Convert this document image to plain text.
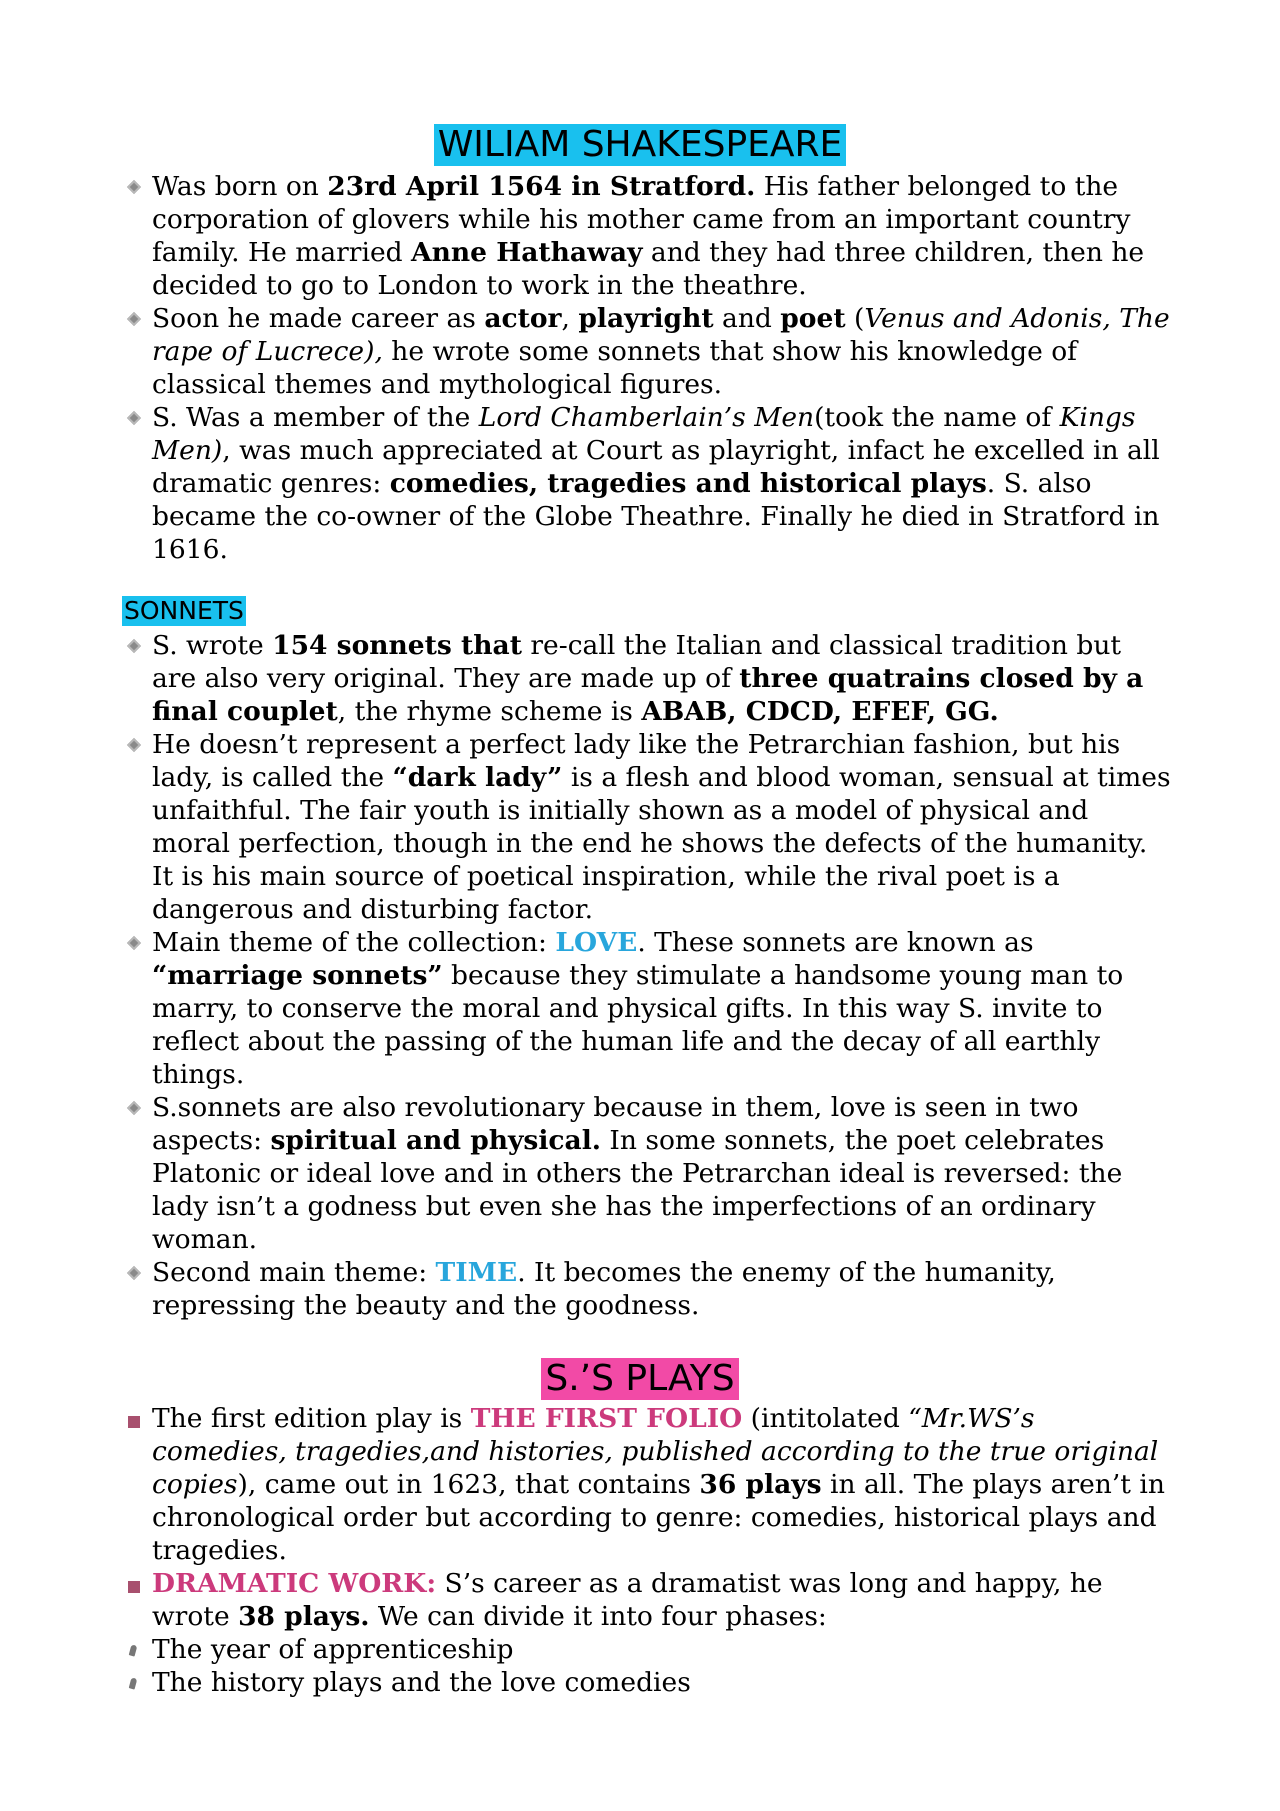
WILIAM SHAKESPEARE
Was born on 23rd April 1564 in Stratford. His father belonged to the corporation of glovers while his mother came from an important country family. He married Anne Hathaway and they had three children, then he decided to go to London to work in the theathre.
Soon he made career as actor, playright and poet (Venus and Adonis, The rape of Lucrece), he wrote some sonnets that show his knowledge of classical themes and mythological figures.
S. Was a member of the Lord Chamberlain’s Men(took the name of Kings Men), was much appreciated at Court as playright, infact he excelled in all dramatic genres: comedies, tragedies and historical plays. S. also became the co-owner of the Globe Theathre. Finally he died in Stratford in 1616.
SONNETS
S. wrote 154 sonnets that re-call the Italian and classical tradition but are also very original. They are made up of three quatrains closed by a final couplet, the rhyme scheme is ABAB, CDCD, EFEF, GG.
He doesn’t represent a perfect lady like the Petrarchian fashion, but his lady, is called the “dark lady” is a flesh and blood woman, sensual at times unfaithful. The fair youth is initially shown as a model of physical and moral perfection, though in the end he shows the defects of the humanity. It is his main source of poetical inspiration, while the rival poet is a dangerous and disturbing factor.
Main theme of the collection: LOVE. These sonnets are known as “marriage sonnets” because they stimulate a handsome young man to marry, to conserve the moral and physical gifts. In this way S. invite to reflect about the passing of the human life and the decay of all earthly things.
S.sonnets are also revolutionary because in them, love is seen in two aspects: spiritual and physical. In some sonnets, the poet celebrates Platonic or ideal love and in others the Petrarchan ideal is reversed: the lady isn’t a godness but even she has the imperfections of an ordinary woman.
Second main theme: TIME. It becomes the enemy of the humanity, repressing the beauty and the goodness.
S.’S PLAYS
The first edition play is THE FIRST FOLIO (intitolated “Mr.WS’s comedies, tragedies,and histories, published according to the true original copies), came out in 1623, that contains 36 plays in all. The plays aren’t in chronological order but according to genre: comedies, historical plays and tragedies.
DRAMATIC WORK: S’s career as a dramatist was long and happy, he wrote 38 plays. We can divide it into four phases:
The year of apprenticeship
The history plays and the love comedies
